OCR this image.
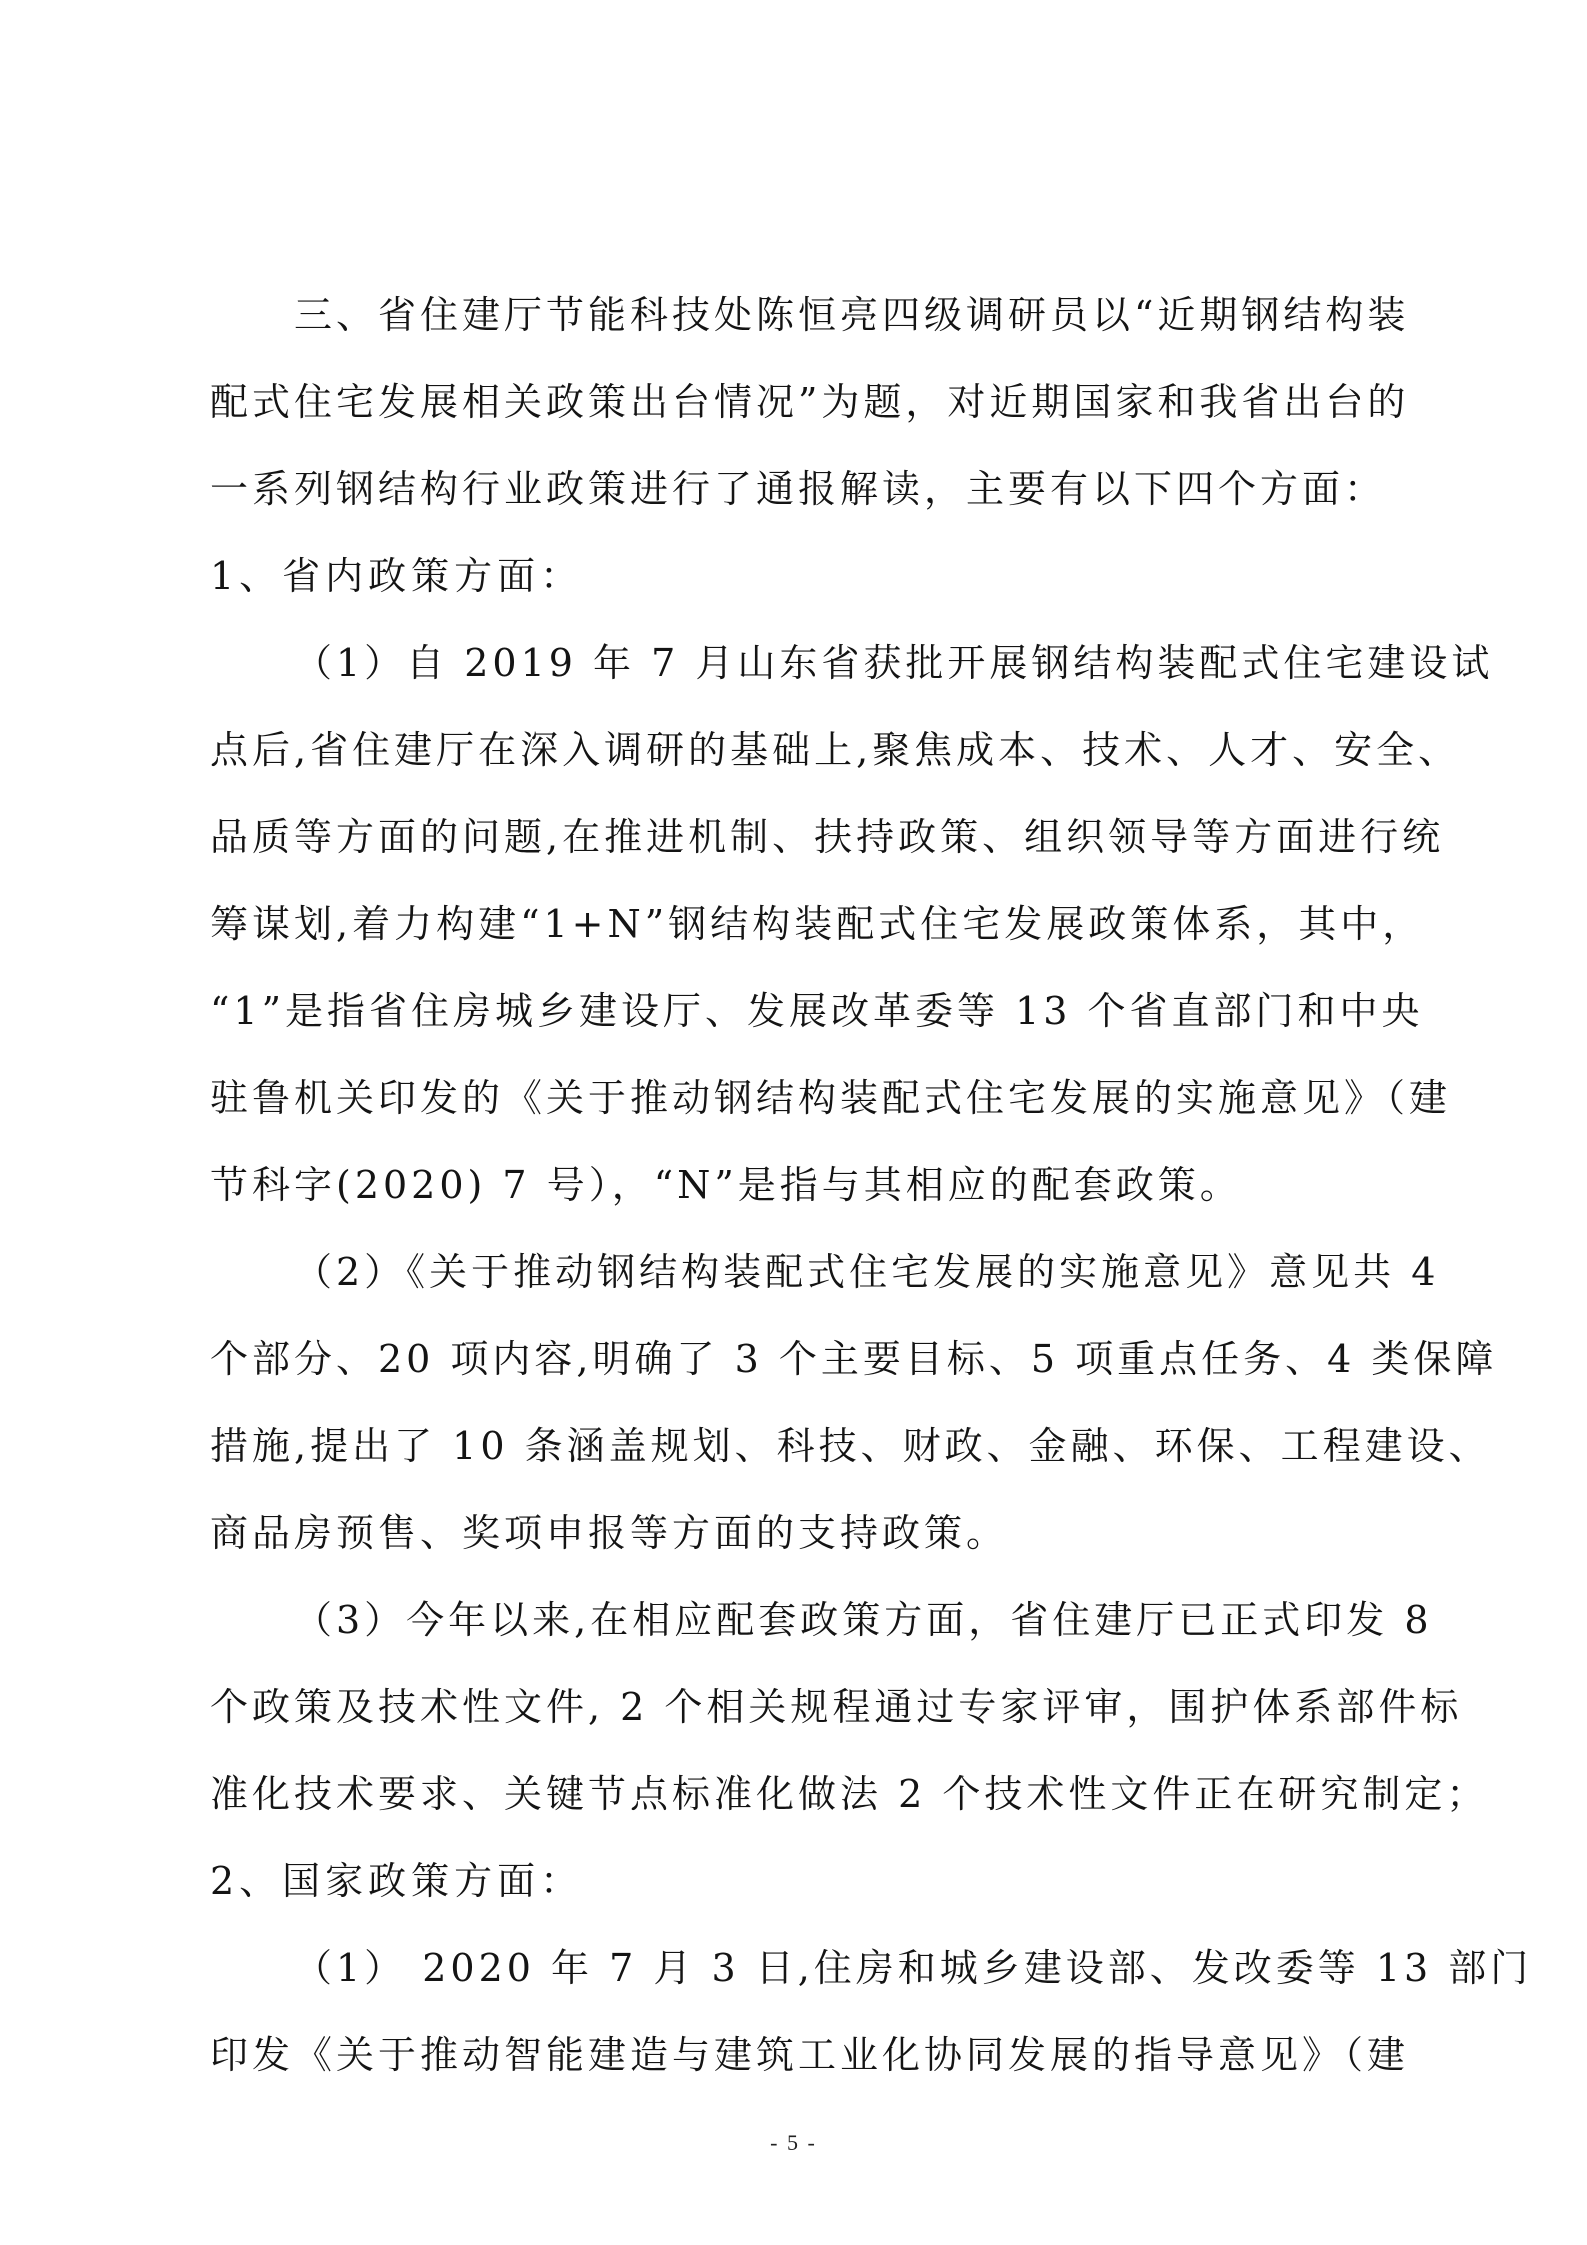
三、省住建厅节能科技处陈恒亮四级调研员以“近期钢结构装
配式住宅发展相关政策出台情况”为题，对近期国家和我省出台的
一系列钢结构行业政策进行了通报解读，主要有以下四个方面：
1、省内政策方面：
（1）自 2019 年 7 月山东省获批开展钢结构装配式住宅建设试
点后,省住建厅在深入调研的基础上,聚焦成本、技术、人才、安全、
品质等方面的问题,在推进机制、扶持政策、组织领导等方面进行统
筹谋划,着力构建“1+N”钢结构装配式住宅发展政策体系，其中，
“1”是指省住房城乡建设厅、发展改革委等 13 个省直部门和中央
驻鲁机关印发的《关于推动钢结构装配式住宅发展的实施意见》（建
节科字(2020) 7 号），“N”是指与其相应的配套政策。
（2）《关于推动钢结构装配式住宅发展的实施意见》意见共 4
个部分、20 项内容,明确了 3 个主要目标、5 项重点任务、4 类保障
措施,提出了 10 条涵盖规划、科技、财政、金融、环保、工程建设、
商品房预售、奖项申报等方面的支持政策。
（3）今年以来,在相应配套政策方面，省住建厅已正式印发 8
个政策及技术性文件, 2 个相关规程通过专家评审，围护体系部件标
准化技术要求、关键节点标准化做法 2 个技术性文件正在研究制定；
2、国家政策方面：
（1） 2020 年 7 月 3 日,住房和城乡建设部、发改委等 13 部门
印发《关于推动智能建造与建筑工业化协同发展的指导意见》（建
- 5 -
